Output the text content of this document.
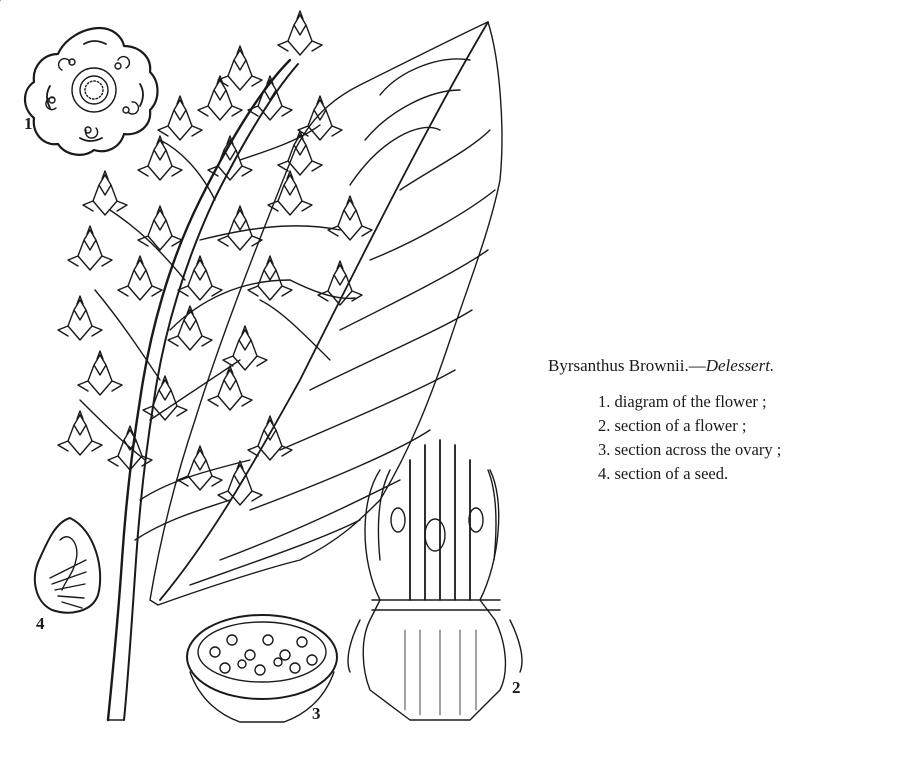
1
4
3
2

Byrsanthus Brownii.—Delessert.

1. diagram of the flower ;
2. section of a flower ;
3. section across the ovary ;
4. section of a seed.
